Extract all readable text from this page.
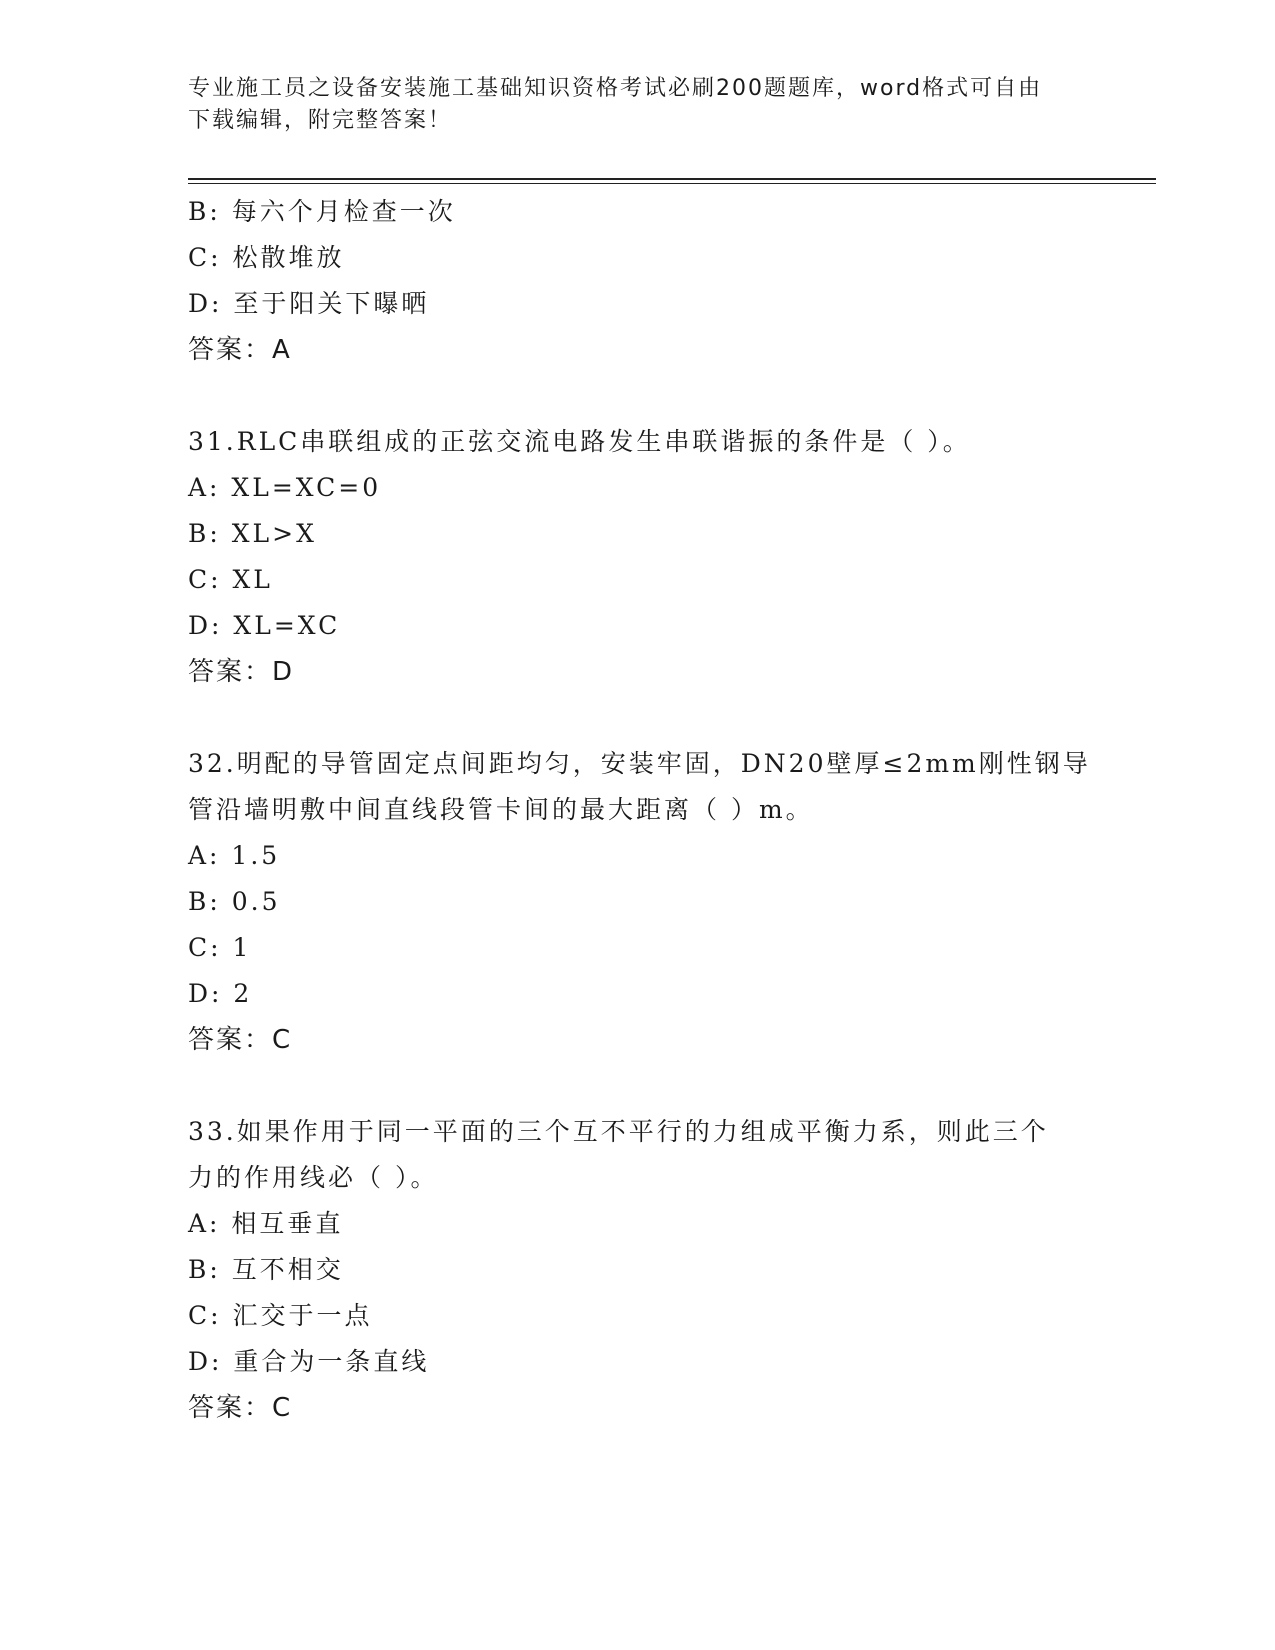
专业施工员之设备安装施工基础知识资格考试必刷200题题库，word格式可自由
下载编辑，附完整答案！
B: 每六个月检查一次
C: 松散堆放
D: 至于阳关下曝晒
答案：A
31.RLC串联组成的正弦交流电路发生串联谐振的条件是（ ）。
A: XL=XC=0
B: XL>X
C: XL
D: XL=XC
答案：D
32.明配的导管固定点间距均匀，安装牢固，DN20壁厚≤2mm刚性钢导
管沿墙明敷中间直线段管卡间的最大距离（ ）m。
A: 1.5
B: 0.5
C: 1
D: 2
答案：C
33.如果作用于同一平面的三个互不平行的力组成平衡力系，则此三个
力的作用线必（ ）。
A: 相互垂直
B: 互不相交
C: 汇交于一点
D: 重合为一条直线
答案：C
